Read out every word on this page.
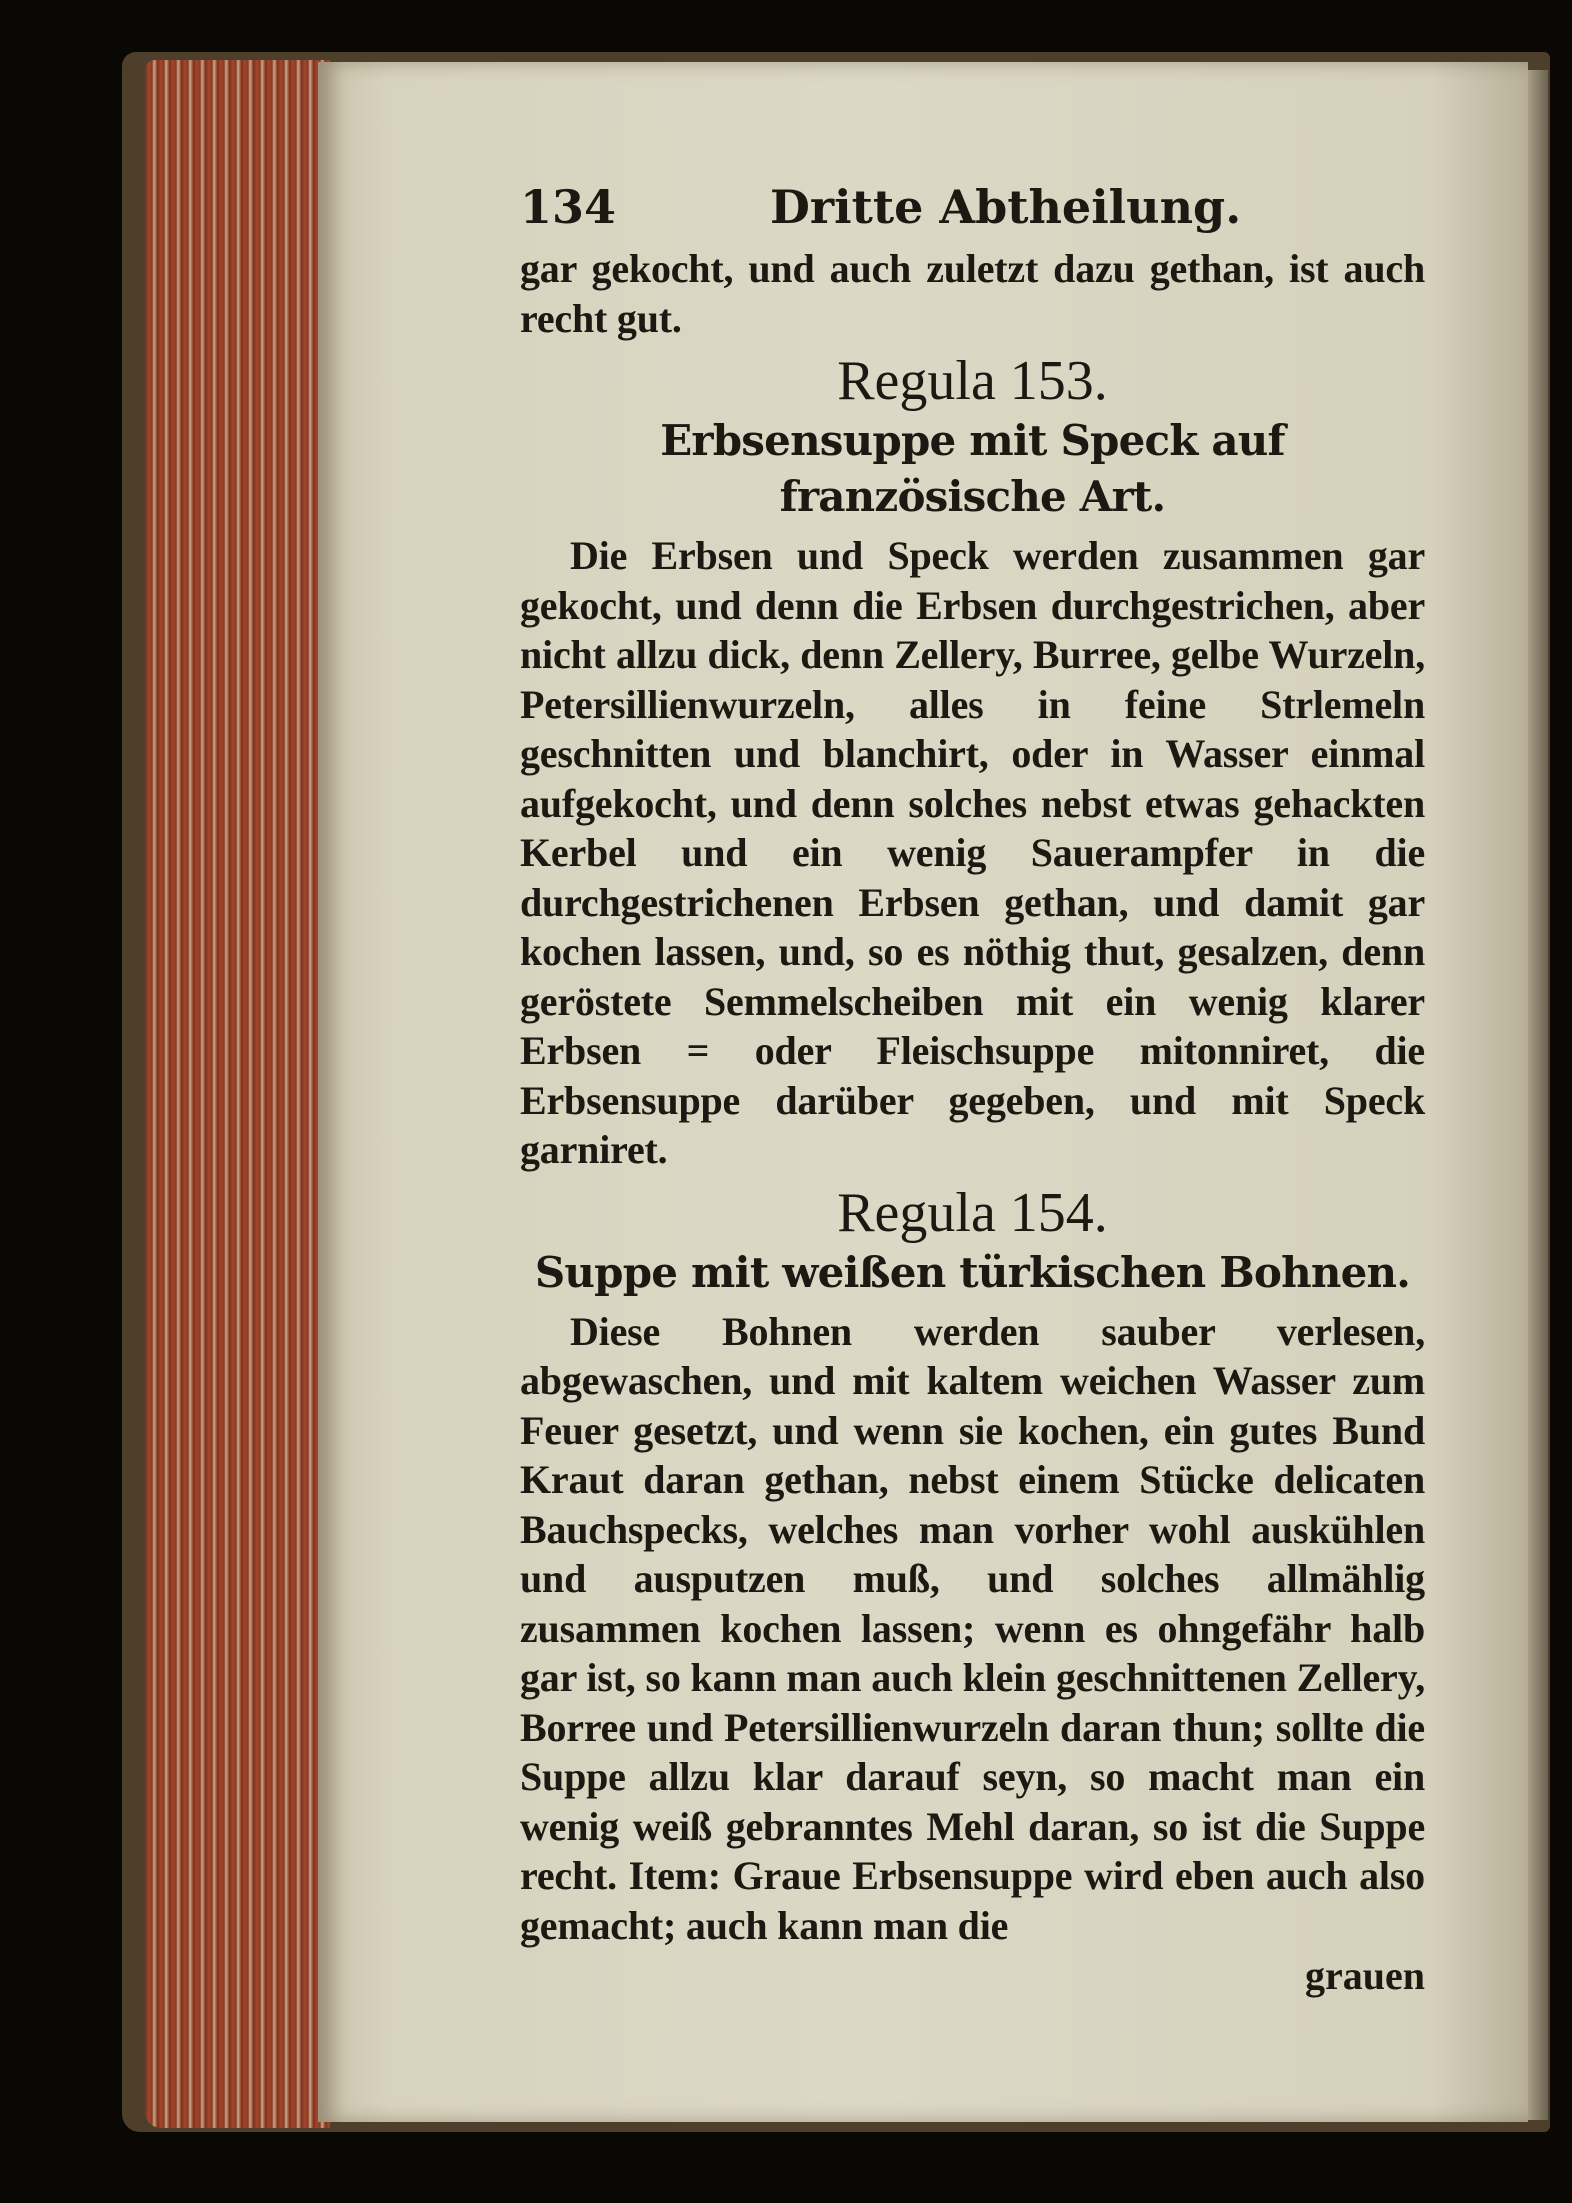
134	Dritte Abtheilung.

gar gekocht, und auch zuletzt dazu gethan, ist auch recht gut.

Regula 153.
Erbsensuppe mit Speck auf französische Art.

Die Erbsen und Speck werden zusammen gar gekocht, und denn die Erbsen durchgestrichen, aber nicht allzu dick, denn Zellery, Burree, gelbe Wurzeln, Petersillienwurzeln, alles in feine Strlemeln geschnitten und blanchirt, oder in Wasser einmal aufgekocht, und denn solches nebst etwas gehackten Kerbel und ein wenig Sauerampfer in die durchgestrichenen Erbsen gethan, und damit gar kochen lassen, und, so es nöthig thut, gesalzen, denn geröstete Semmelscheiben mit ein wenig klarer Erbsen = oder Fleischsuppe mitonniret, die Erbsensuppe darüber gegeben, und mit Speck garniret.

Regula 154.
Suppe mit weißen türkischen Bohnen.

Diese Bohnen werden sauber verlesen, abgewaschen, und mit kaltem weichen Wasser zum Feuer gesetzt, und wenn sie kochen, ein gutes Bund Kraut daran gethan, nebst einem Stücke delicaten Bauchspecks, welches man vorher wohl auskühlen und ausputzen muß, und solches allmählig zusammen kochen lassen; wenn es ohngefähr halb gar ist, so kann man auch klein geschnittenen Zellery, Borree und Petersillienwurzeln daran thun; sollte die Suppe allzu klar darauf seyn, so macht man ein wenig weiß gebranntes Mehl daran, so ist die Suppe recht. Item: Graue Erbsensuppe wird eben auch also gemacht; auch kann man die

grauen
